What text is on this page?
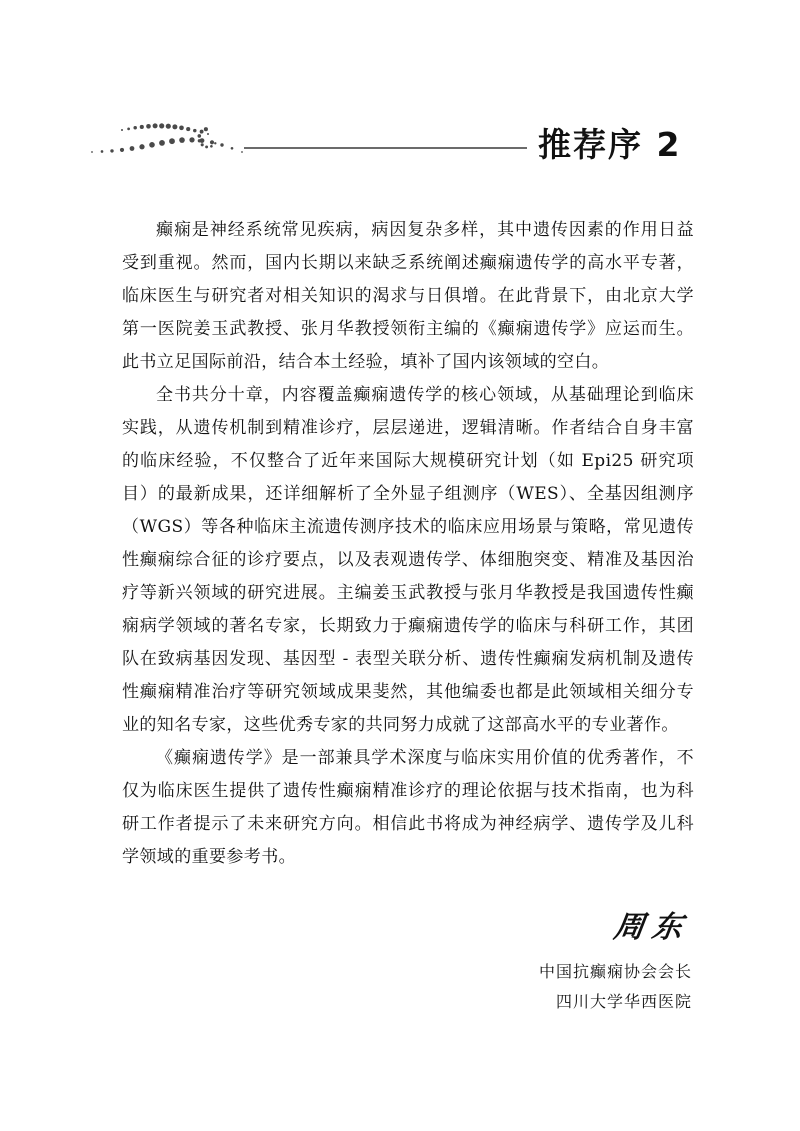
推荐序 2

癫痫是神经系统常见疾病，病因复杂多样，其中遗传因素的作用日益受到重视。然而，国内长期以来缺乏系统阐述癫痫遗传学的高水平专著，临床医生与研究者对相关知识的渴求与日俱增。在此背景下，由北京大学第一医院姜玉武教授、张月华教授领衔主编的《癫痫遗传学》应运而生。此书立足国际前沿，结合本土经验，填补了国内该领域的空白。

全书共分十章，内容覆盖癫痫遗传学的核心领域，从基础理论到临床实践，从遗传机制到精准诊疗，层层递进，逻辑清晰。作者结合自身丰富的临床经验，不仅整合了近年来国际大规模研究计划（如 Epi25 研究项目）的最新成果，还详细解析了全外显子组测序（WES）、全基因组测序（WGS）等各种临床主流遗传测序技术的临床应用场景与策略，常见遗传性癫痫综合征的诊疗要点，以及表观遗传学、体细胞突变、精准及基因治疗等新兴领域的研究进展。主编姜玉武教授与张月华教授是我国遗传性癫痫病学领域的著名专家，长期致力于癫痫遗传学的临床与科研工作，其团队在致病基因发现、基因型 - 表型关联分析、遗传性癫痫发病机制及遗传性癫痫精准治疗等研究领域成果斐然，其他编委也都是此领域相关细分专业的知名专家，这些优秀专家的共同努力成就了这部高水平的专业著作。

《癫痫遗传学》是一部兼具学术深度与临床实用价值的优秀著作，不仅为临床医生提供了遗传性癫痫精准诊疗的理论依据与技术指南，也为科研工作者提示了未来研究方向。相信此书将成为神经病学、遗传学及儿科学领域的重要参考书。

周东
中国抗癫痫协会会长
四川大学华西医院
